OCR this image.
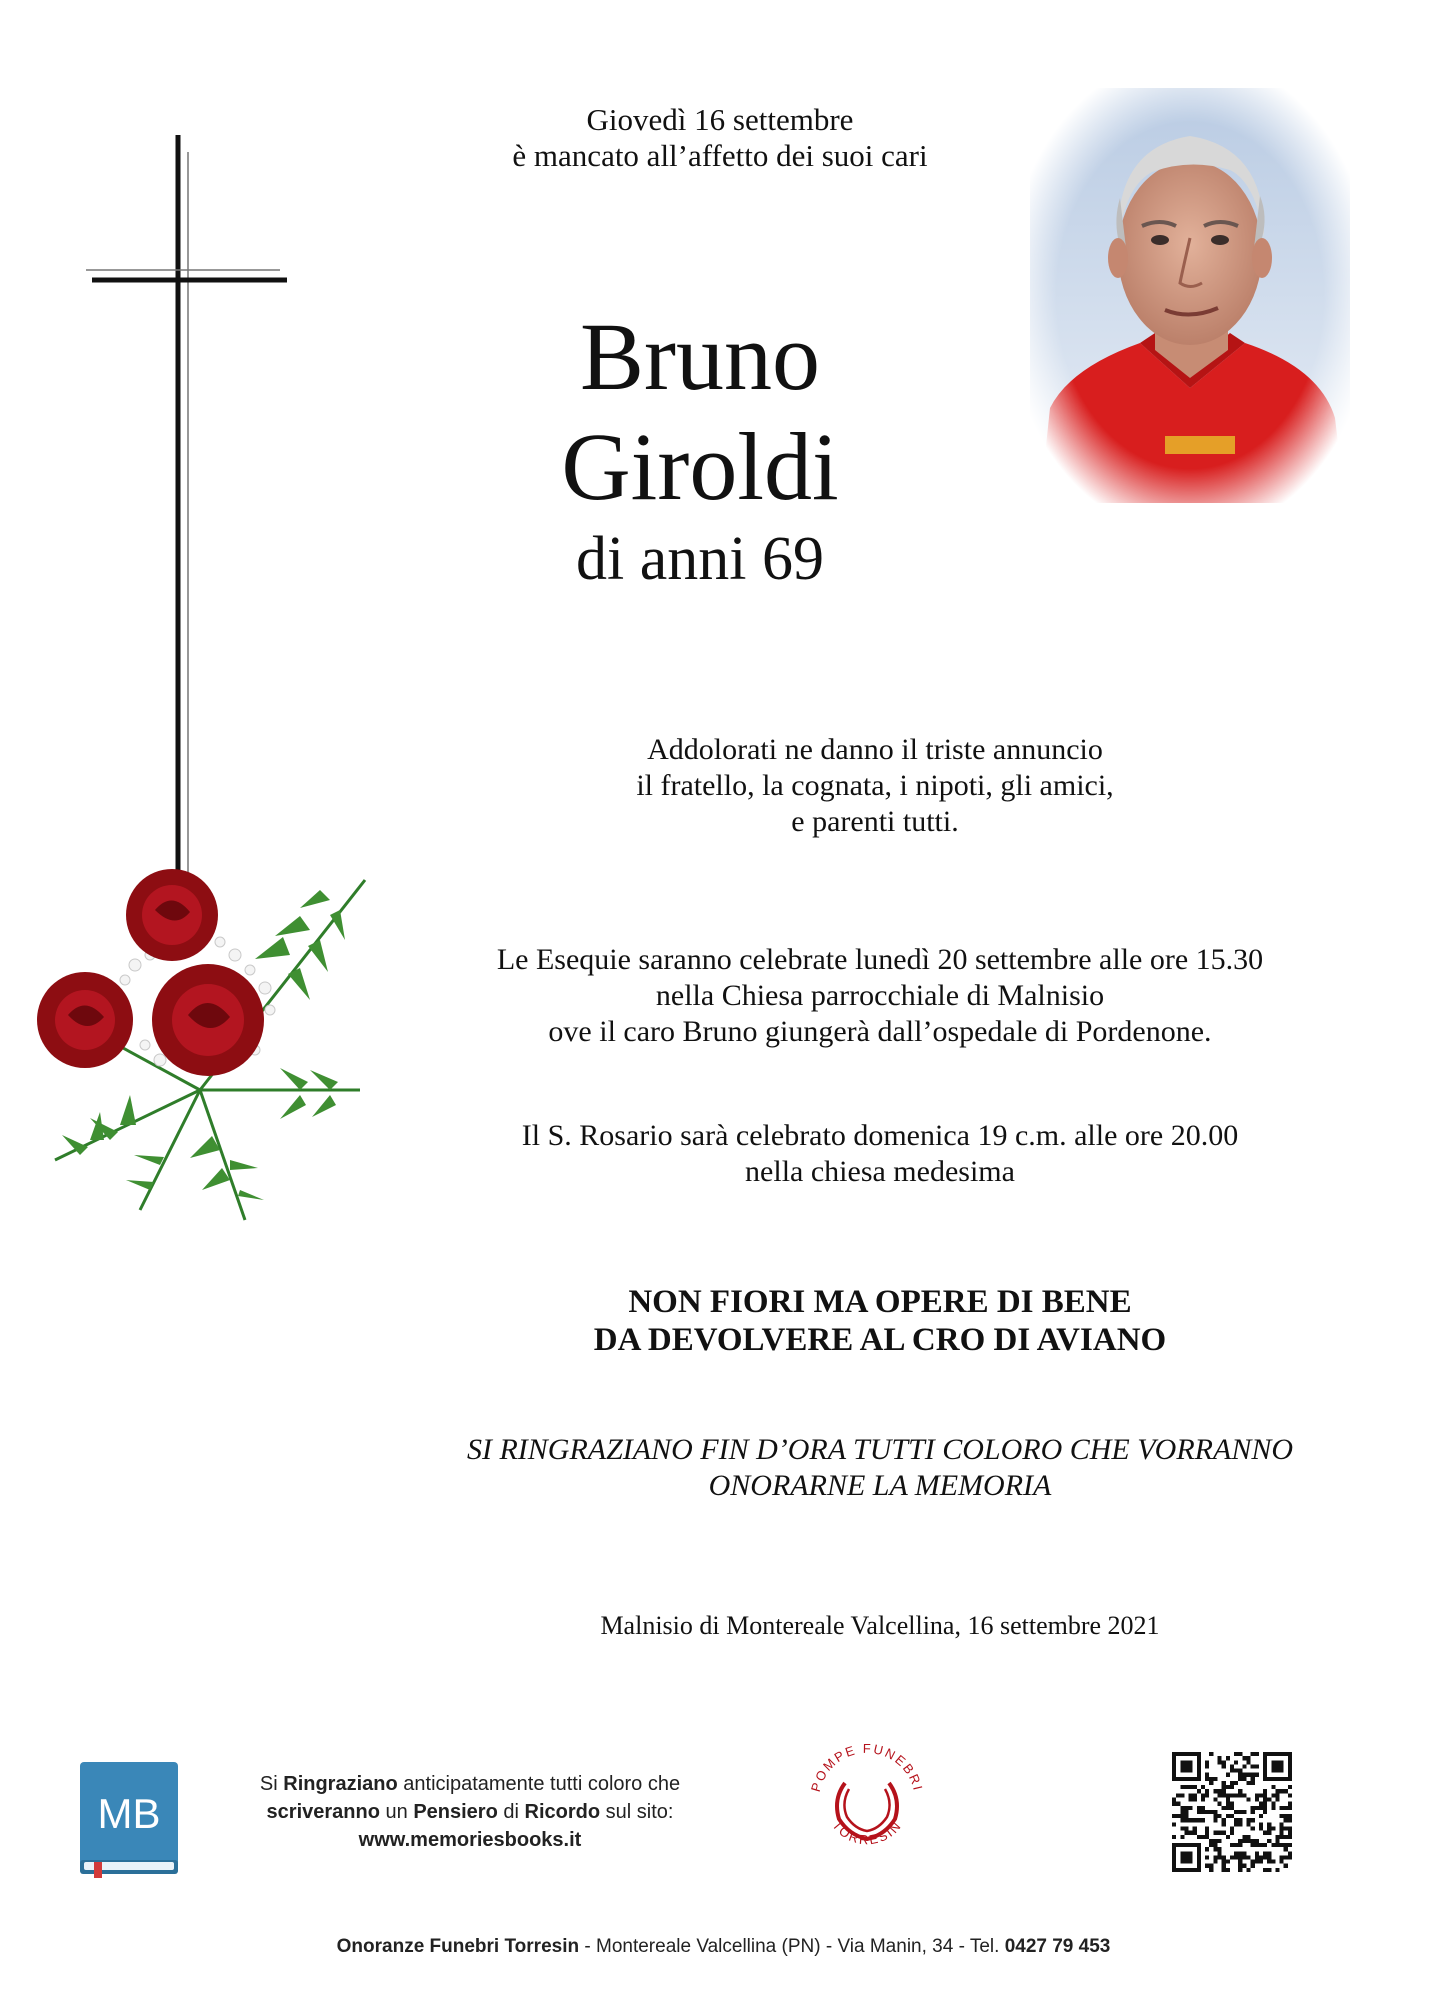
Giovedì 16 settembre
è mancato all’affetto dei suoi cari
Bruno
Giroldi
di anni 69
Addolorati ne danno il triste annuncio
il fratello, la cognata, i nipoti, gli amici,
e parenti tutti.
Le Esequie saranno celebrate lunedì 20 settembre alle ore 15.30
nella Chiesa parrocchiale di Malnisio
ove il caro Bruno giungerà dall’ospedale di Pordenone.
Il S. Rosario sarà celebrato domenica 19 c.m. alle ore 20.00
nella chiesa medesima
NON FIORI MA OPERE DI BENE
DA DEVOLVERE AL CRO DI AVIANO
SI RINGRAZIANO FIN D’ORA TUTTI COLORO CHE VORRANNO
ONORARNE LA MEMORIA
Malnisio di Montereale Valcellina, 16 settembre 2021
MB
Si Ringraziano anticipatamente tutti coloro che
scriveranno un Pensiero di Ricordo sul sito:
www.memoriesbooks.it
POMPE FUNEBRI
TORRESIN
Onoranze Funebri Torresin - Montereale Valcellina (PN) - Via Manin, 34 - Tel. 0427 79 453
